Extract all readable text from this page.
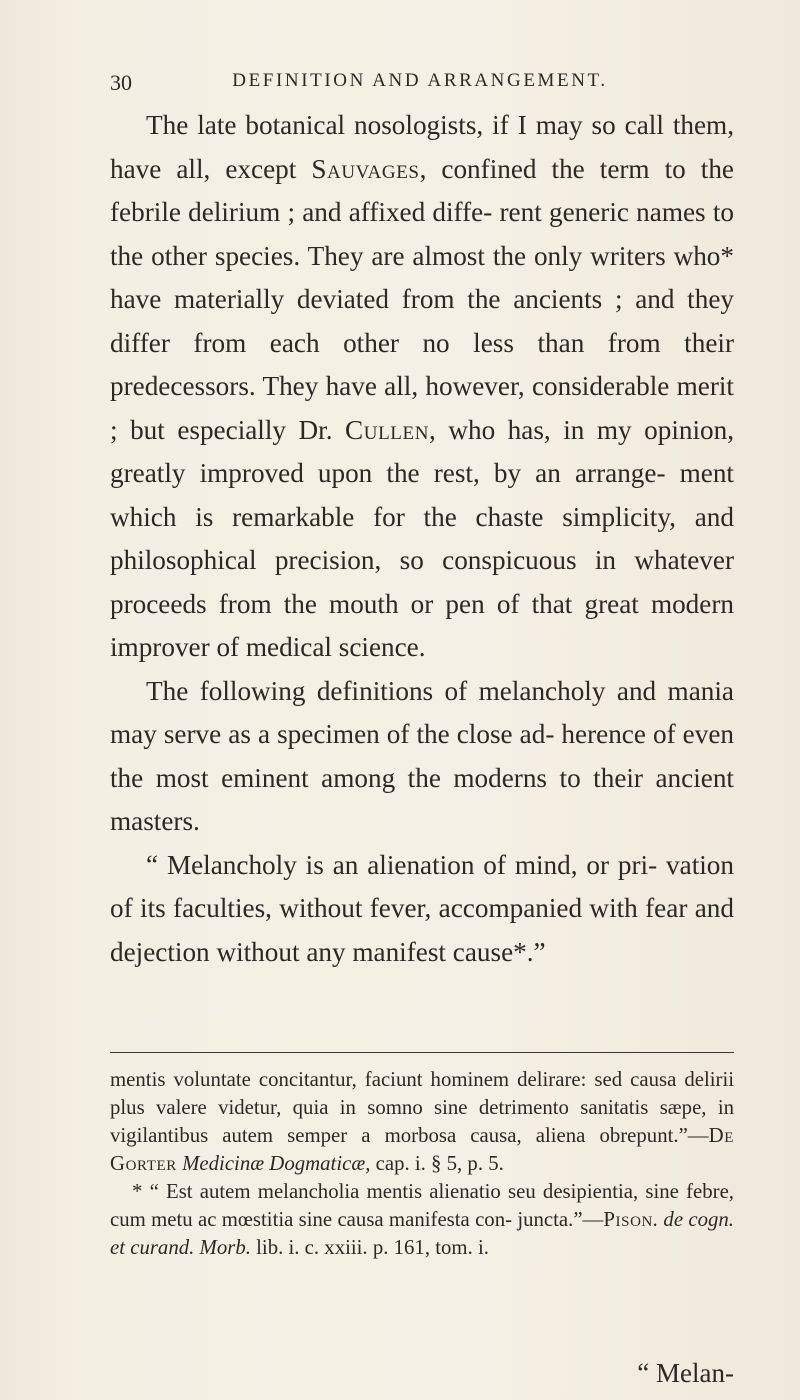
30	DEFINITION AND ARRANGEMENT.

The late botanical nosologists, if I may so call them, have all, except Sauvages, confined the term to the febrile delirium ; and affixed diffe- rent generic names to the other species. They are almost the only writers who* have materially deviated from the ancients ; and they differ from each other no less than from their predecessors. They have all, however, considerable merit ; but especially Dr. Cullen, who has, in my opinion, greatly improved upon the rest, by an arrange- ment which is remarkable for the chaste simplicity, and philosophical precision, so conspicuous in whatever proceeds from the mouth or pen of that great modern improver of medical science.

The following definitions of melancholy and mania may serve as a specimen of the close ad- herence of even the most eminent among the moderns to their ancient masters.

“ Melancholy is an alienation of mind, or pri- vation of its faculties, without fever, accompanied with fear and dejection without any manifest cause*.”

mentis voluntate concitantur, faciunt hominem delirare: sed causa delirii plus valere videtur, quia in somno sine detrimento sanitatis sæpe, in vigilantibus autem semper a morbosa causa, aliena obrepunt.”—De Gorter Medicinæ Dogmaticæ, cap. i. § 5, p. 5.

* “ Est autem melancholia mentis alienatio seu desipientia, sine febre, cum metu ac mœstitia sine causa manifesta con- juncta.”—Pison. de cogn. et curand. Morb. lib. i. c. xxiii. p. 161, tom. i.

“ Melan-
